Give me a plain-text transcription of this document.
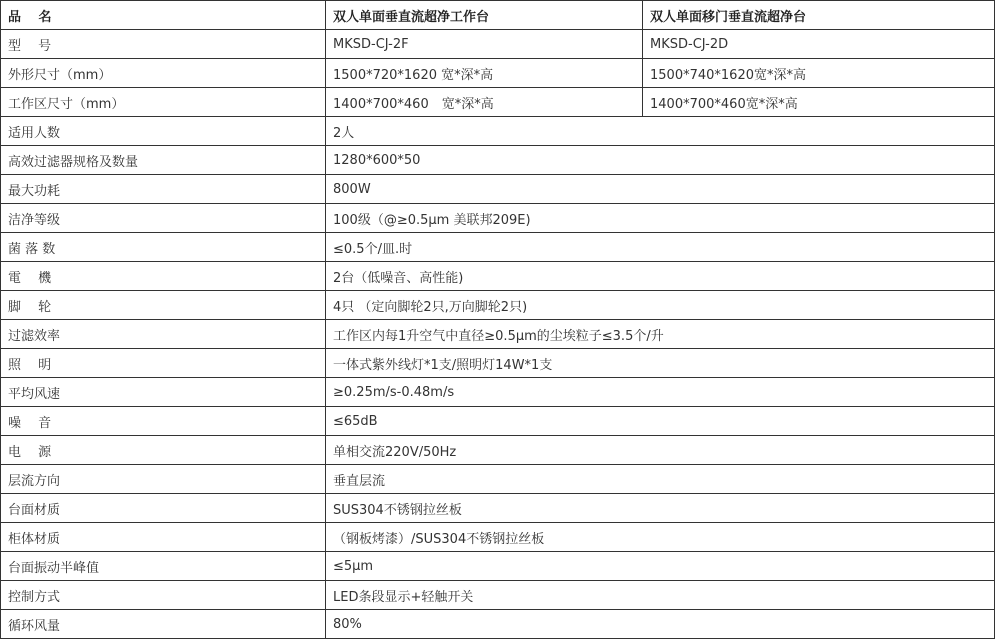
品　 名	双人单面垂直流超净工作台	双人单面移门垂直流超净台
型　 号	MKSD-CJ-2F	MKSD-CJ-2D
外形尺寸（mm）	1500*720*1620 宽*深*高	1500*740*1620宽*深*高
工作区尺寸（mm）	1400*700*460　宽*深*高	1400*700*460宽*深*高
适用人数	2人	
高效过滤器规格及数量	1280*600*50	
最大功耗	800W	
洁净等级	100级（@≥0.5μm 美联邦209E)	
菌 落 数	≤0.5个/皿.时	
電　 機	2台（低噪音、高性能)	
脚　 轮	4只 （定向脚轮2只,万向脚轮2只)	
过滤效率	工作区内每1升空气中直径≥0.5μm的尘埃粒子≤3.5个/升	
照　 明	一体式紫外线灯*1支/照明灯14W*1支	
平均风速	≥0.25m/s-0.48m/s	
噪　 音	≤65dB	
电　 源	单相交流220V/50Hz	
层流方向	垂直层流	
台面材质	SUS304不锈钢拉丝板	
柜体材质	（钢板烤漆）/SUS304不锈钢拉丝板	
台面振动半峰值	≤5μm	
控制方式	LED条段显示+轻触开关	
循环风量	80%	
